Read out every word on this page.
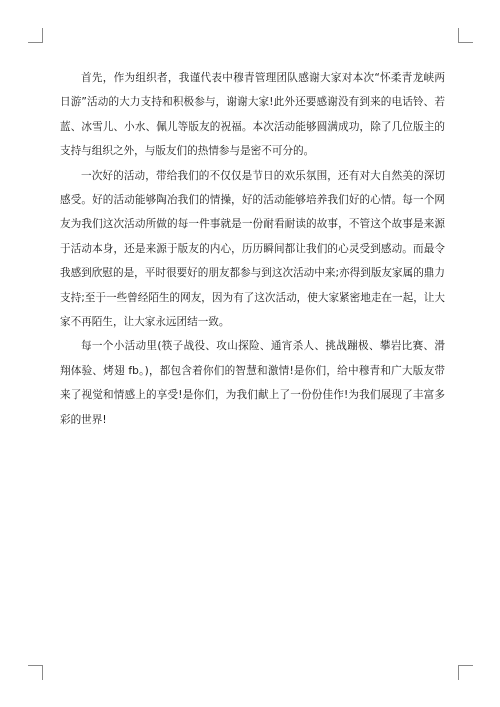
首先，作为组织者，我谨代表中穆青管理团队感谢大家对本次“怀柔青龙峡两日游”活动的大力支持和积极参与，谢谢大家!此外还要感谢没有到来的电话铃、若蓝、冰雪儿、小水、佩儿等版友的祝福。本次活动能够圆满成功，除了几位版主的支持与组织之外，与版友们的热情参与是密不可分的。

一次好的活动，带给我们的不仅仅是节日的欢乐氛围，还有对大自然美的深切感受。好的活动能够陶冶我们的情操，好的活动能够培养我们好的心情。每一个网友为我们这次活动所做的每一件事就是一份耐看耐读的故事，不管这个故事是来源于活动本身，还是来源于版友的内心，历历瞬间都让我们的心灵受到感动。而最令我感到欣慰的是，平时很要好的朋友都参与到这次活动中来;亦得到版友家属的鼎力支持;至于一些曾经陌生的网友，因为有了这次活动，使大家紧密地走在一起，让大家不再陌生，让大家永远团结一致。

每一个小活动里(筷子战役、攻山探险、通宵杀人、挑战蹦极、攀岩比赛、滑翔体验、烤翅 fb。)，都包含着你们的智慧和激情!是你们，给中穆青和广大版友带来了视觉和情感上的享受!是你们，为我们献上了一份份佳作!为我们展现了丰富多彩的世界!
